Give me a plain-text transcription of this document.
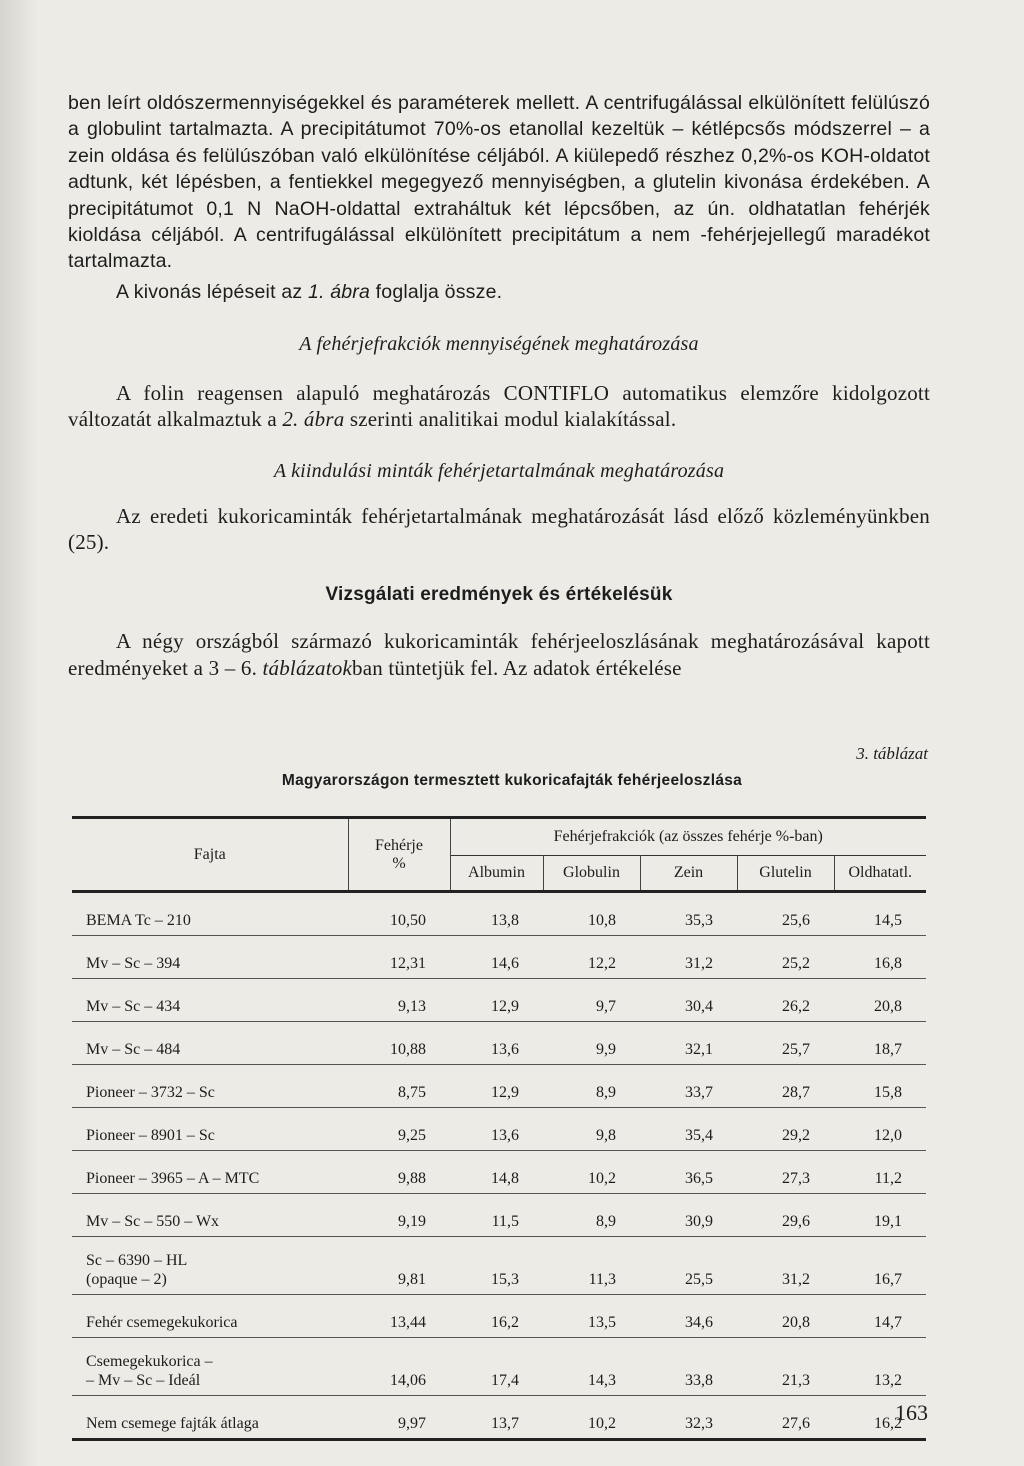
ben leírt oldószermennyiségekkel és paraméterek mellett. A centrifugálással elkülönített felülúszó a globulint tartalmazta. A precipitátumot 70%-os etanollal kezeltük – kétlépcsős módszerrel – a zein oldása és felülúszóban való elkülönítése céljából. A kiülepedő részhez 0,2%-os KOH-oldatot adtunk, két lépésben, a fentiekkel megegyező mennyiségben, a glutelin kivonása érdekében. A precipitátumot 0,1 N NaOH-oldattal extraháltuk két lépcsőben, az ún. oldhatatlan fehérjék kioldása céljából. A centrifugálással elkülönített precipitátum a nem -fehérjejellegű maradékot tartalmazta.

A kivonás lépéseit az 1. ábra foglalja össze.

A fehérjefrakciók mennyiségének meghatározása

A folin reagensen alapuló meghatározás CONTIFLO automatikus elemzőre kidolgozott változatát alkalmaztuk a 2. ábra szerinti analitikai modul kialakítással.

A kiindulási minták fehérjetartalmának meghatározása

Az eredeti kukoricaminták fehérjetartalmának meghatározását lásd előző közleményünkben (25).

Vizsgálati eredmények és értékelésük

A négy országból származó kukoricaminták fehérjeeloszlásának meghatározásával kapott eredményeket a 3 – 6. táblázatokban tüntetjük fel. Az adatok értékelése

3. táblázat
Magyarországon termesztett kukoricafajták fehérjeeloszlása
Fajta	Fehérje
%	Fehérjefrakciók (az összes fehérje %-ban)				
		Albumin	Globulin	Zein	Glutelin	Oldhatatl.
BEMA Tc – 210	10,50	13,8	10,8	35,3	25,6	14,5
Mv – Sc – 394	12,31	14,6	12,2	31,2	25,2	16,8
Mv – Sc – 434	9,13	12,9	9,7	30,4	26,2	20,8
Mv – Sc – 484	10,88	13,6	9,9	32,1	25,7	18,7
Pioneer – 3732 – Sc	8,75	12,9	8,9	33,7	28,7	15,8
Pioneer – 8901 – Sc	9,25	13,6	9,8	35,4	29,2	12,0
Pioneer – 3965 – A – MTC	9,88	14,8	10,2	36,5	27,3	11,2
Mv – Sc – 550 – Wx	9,19	11,5	8,9	30,9	29,6	19,1
Sc – 6390 – HL
(opaque – 2)	9,81	15,3	11,3	25,5	31,2	16,7
Fehér csemegekukorica	13,44	16,2	13,5	34,6	20,8	14,7
Csemegekukorica –
– Mv – Sc – Ideál	14,06	17,4	14,3	33,8	21,3	13,2
Nem csemege fajták átlaga	9,97	13,7	10,2	32,3	27,6	16,2
163
